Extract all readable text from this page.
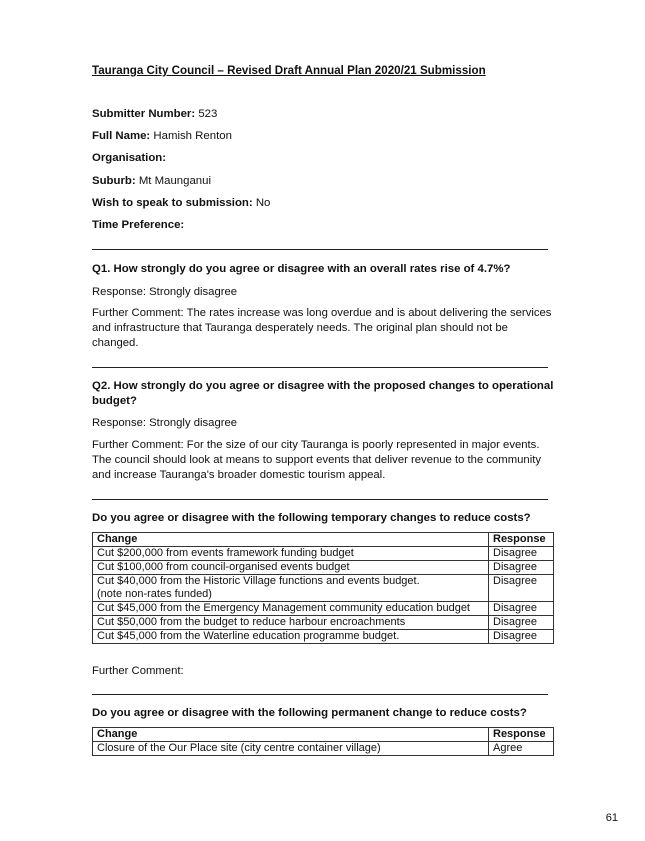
Tauranga City Council – Revised Draft Annual Plan 2020/21 Submission
Submitter Number: 523
Full Name: Hamish Renton
Organisation:
Suburb: Mt Maunganui
Wish to speak to submission: No
Time Preference:
Q1. How strongly do you agree or disagree with an overall rates rise of 4.7%?
Response: Strongly disagree
Further Comment: The rates increase was long overdue and is about delivering the services and infrastructure that Tauranga desperately needs. The original plan should not be changed.
Q2. How strongly do you agree or disagree with the proposed changes to operational budget?
Response: Strongly disagree
Further Comment: For the size of our city Tauranga is poorly represented in major events. The council should look at means to support events that deliver revenue to the community and increase Tauranga's broader domestic tourism appeal.
Do you agree or disagree with the following temporary changes to reduce costs?
Change	Response
Cut $200,000 from events framework funding budget	Disagree
Cut $100,000 from council-organised events budget	Disagree
Cut $40,000 from the Historic Village functions and events budget.
(note non-rates funded)	Disagree
Cut $45,000 from the Emergency Management community education budget	Disagree
Cut $50,000 from the budget to reduce harbour encroachments	Disagree
Cut $45,000 from the Waterline education programme budget.	Disagree
Further Comment:
Do you agree or disagree with the following permanent change to reduce costs?
Change	Response
Closure of the Our Place site (city centre container village)	Agree
61
